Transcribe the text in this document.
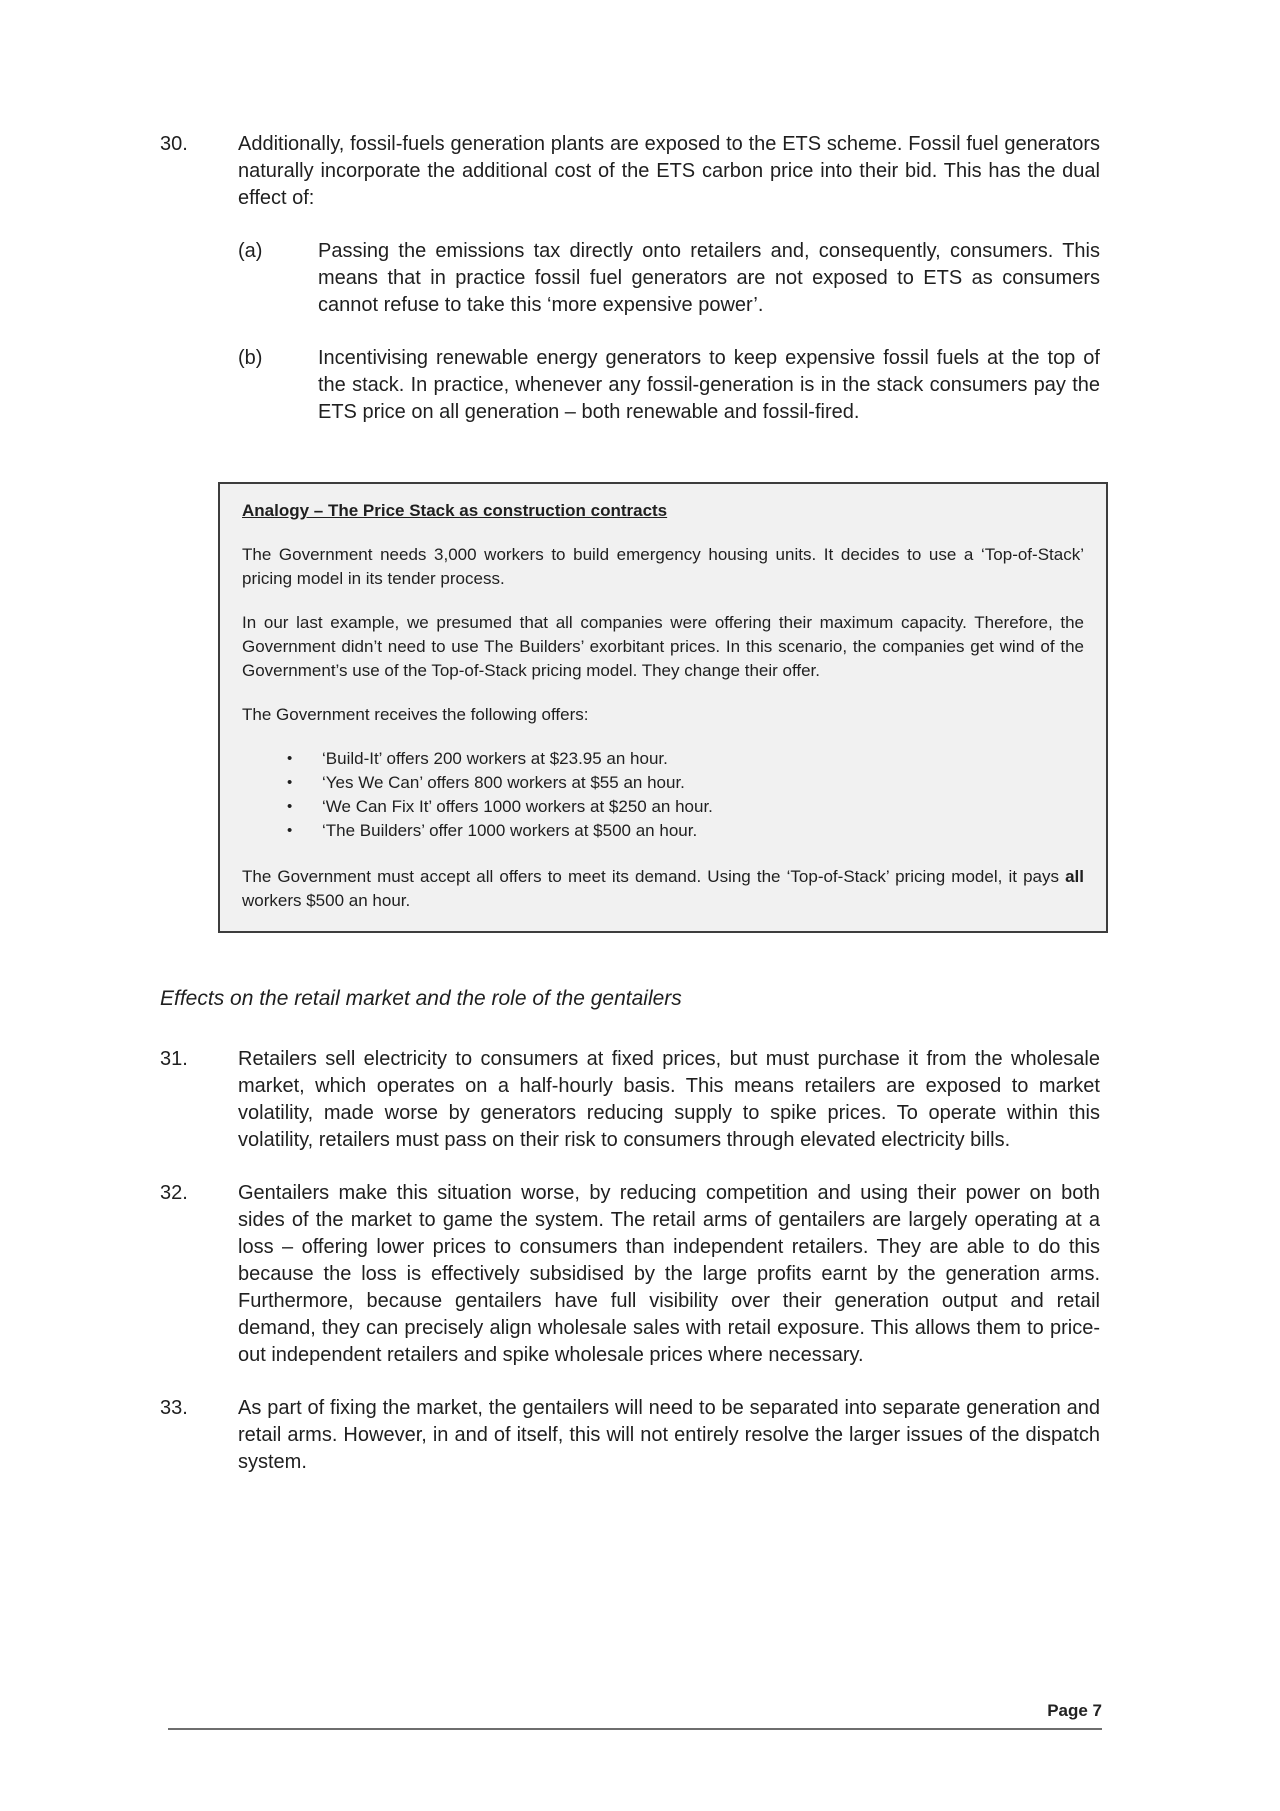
30.	Additionally, fossil-fuels generation plants are exposed to the ETS scheme. Fossil fuel generators naturally incorporate the additional cost of the ETS carbon price into their bid. This has the dual effect of:
(a)	Passing the emissions tax directly onto retailers and, consequently, consumers. This means that in practice fossil fuel generators are not exposed to ETS as consumers cannot refuse to take this ‘more expensive power’.
(b)	Incentivising renewable energy generators to keep expensive fossil fuels at the top of the stack. In practice, whenever any fossil-generation is in the stack consumers pay the ETS price on all generation – both renewable and fossil-fired.
Analogy – The Price Stack as construction contracts

The Government needs 3,000 workers to build emergency housing units. It decides to use a ‘Top-of-Stack’ pricing model in its tender process.

In our last example, we presumed that all companies were offering their maximum capacity. Therefore, the Government didn’t need to use The Builders’ exorbitant prices. In this scenario, the companies get wind of the Government’s use of the Top-of-Stack pricing model. They change their offer.

The Government receives the following offers:

•	‘Build-It’ offers 200 workers at $23.95 an hour.
•	‘Yes We Can’ offers 800 workers at $55 an hour.
•	‘We Can Fix It’ offers 1000 workers at $250 an hour.
•	‘The Builders’ offer 1000 workers at $500 an hour.

The Government must accept all offers to meet its demand. Using the ‘Top-of-Stack’ pricing model, it pays all workers $500 an hour.

Effects on the retail market and the role of the gentailers
31.	Retailers sell electricity to consumers at fixed prices, but must purchase it from the wholesale market, which operates on a half-hourly basis. This means retailers are exposed to market volatility, made worse by generators reducing supply to spike prices. To operate within this volatility, retailers must pass on their risk to consumers through elevated electricity bills.
32.	Gentailers make this situation worse, by reducing competition and using their power on both sides of the market to game the system. The retail arms of gentailers are largely operating at a loss – offering lower prices to consumers than independent retailers. They are able to do this because the loss is effectively subsidised by the large profits earnt by the generation arms. Furthermore, because gentailers have full visibility over their generation output and retail demand, they can precisely align wholesale sales with retail exposure. This allows them to price-out independent retailers and spike wholesale prices where necessary.
33.	As part of fixing the market, the gentailers will need to be separated into separate generation and retail arms. However, in and of itself, this will not entirely resolve the larger issues of the dispatch system.
Page 7
